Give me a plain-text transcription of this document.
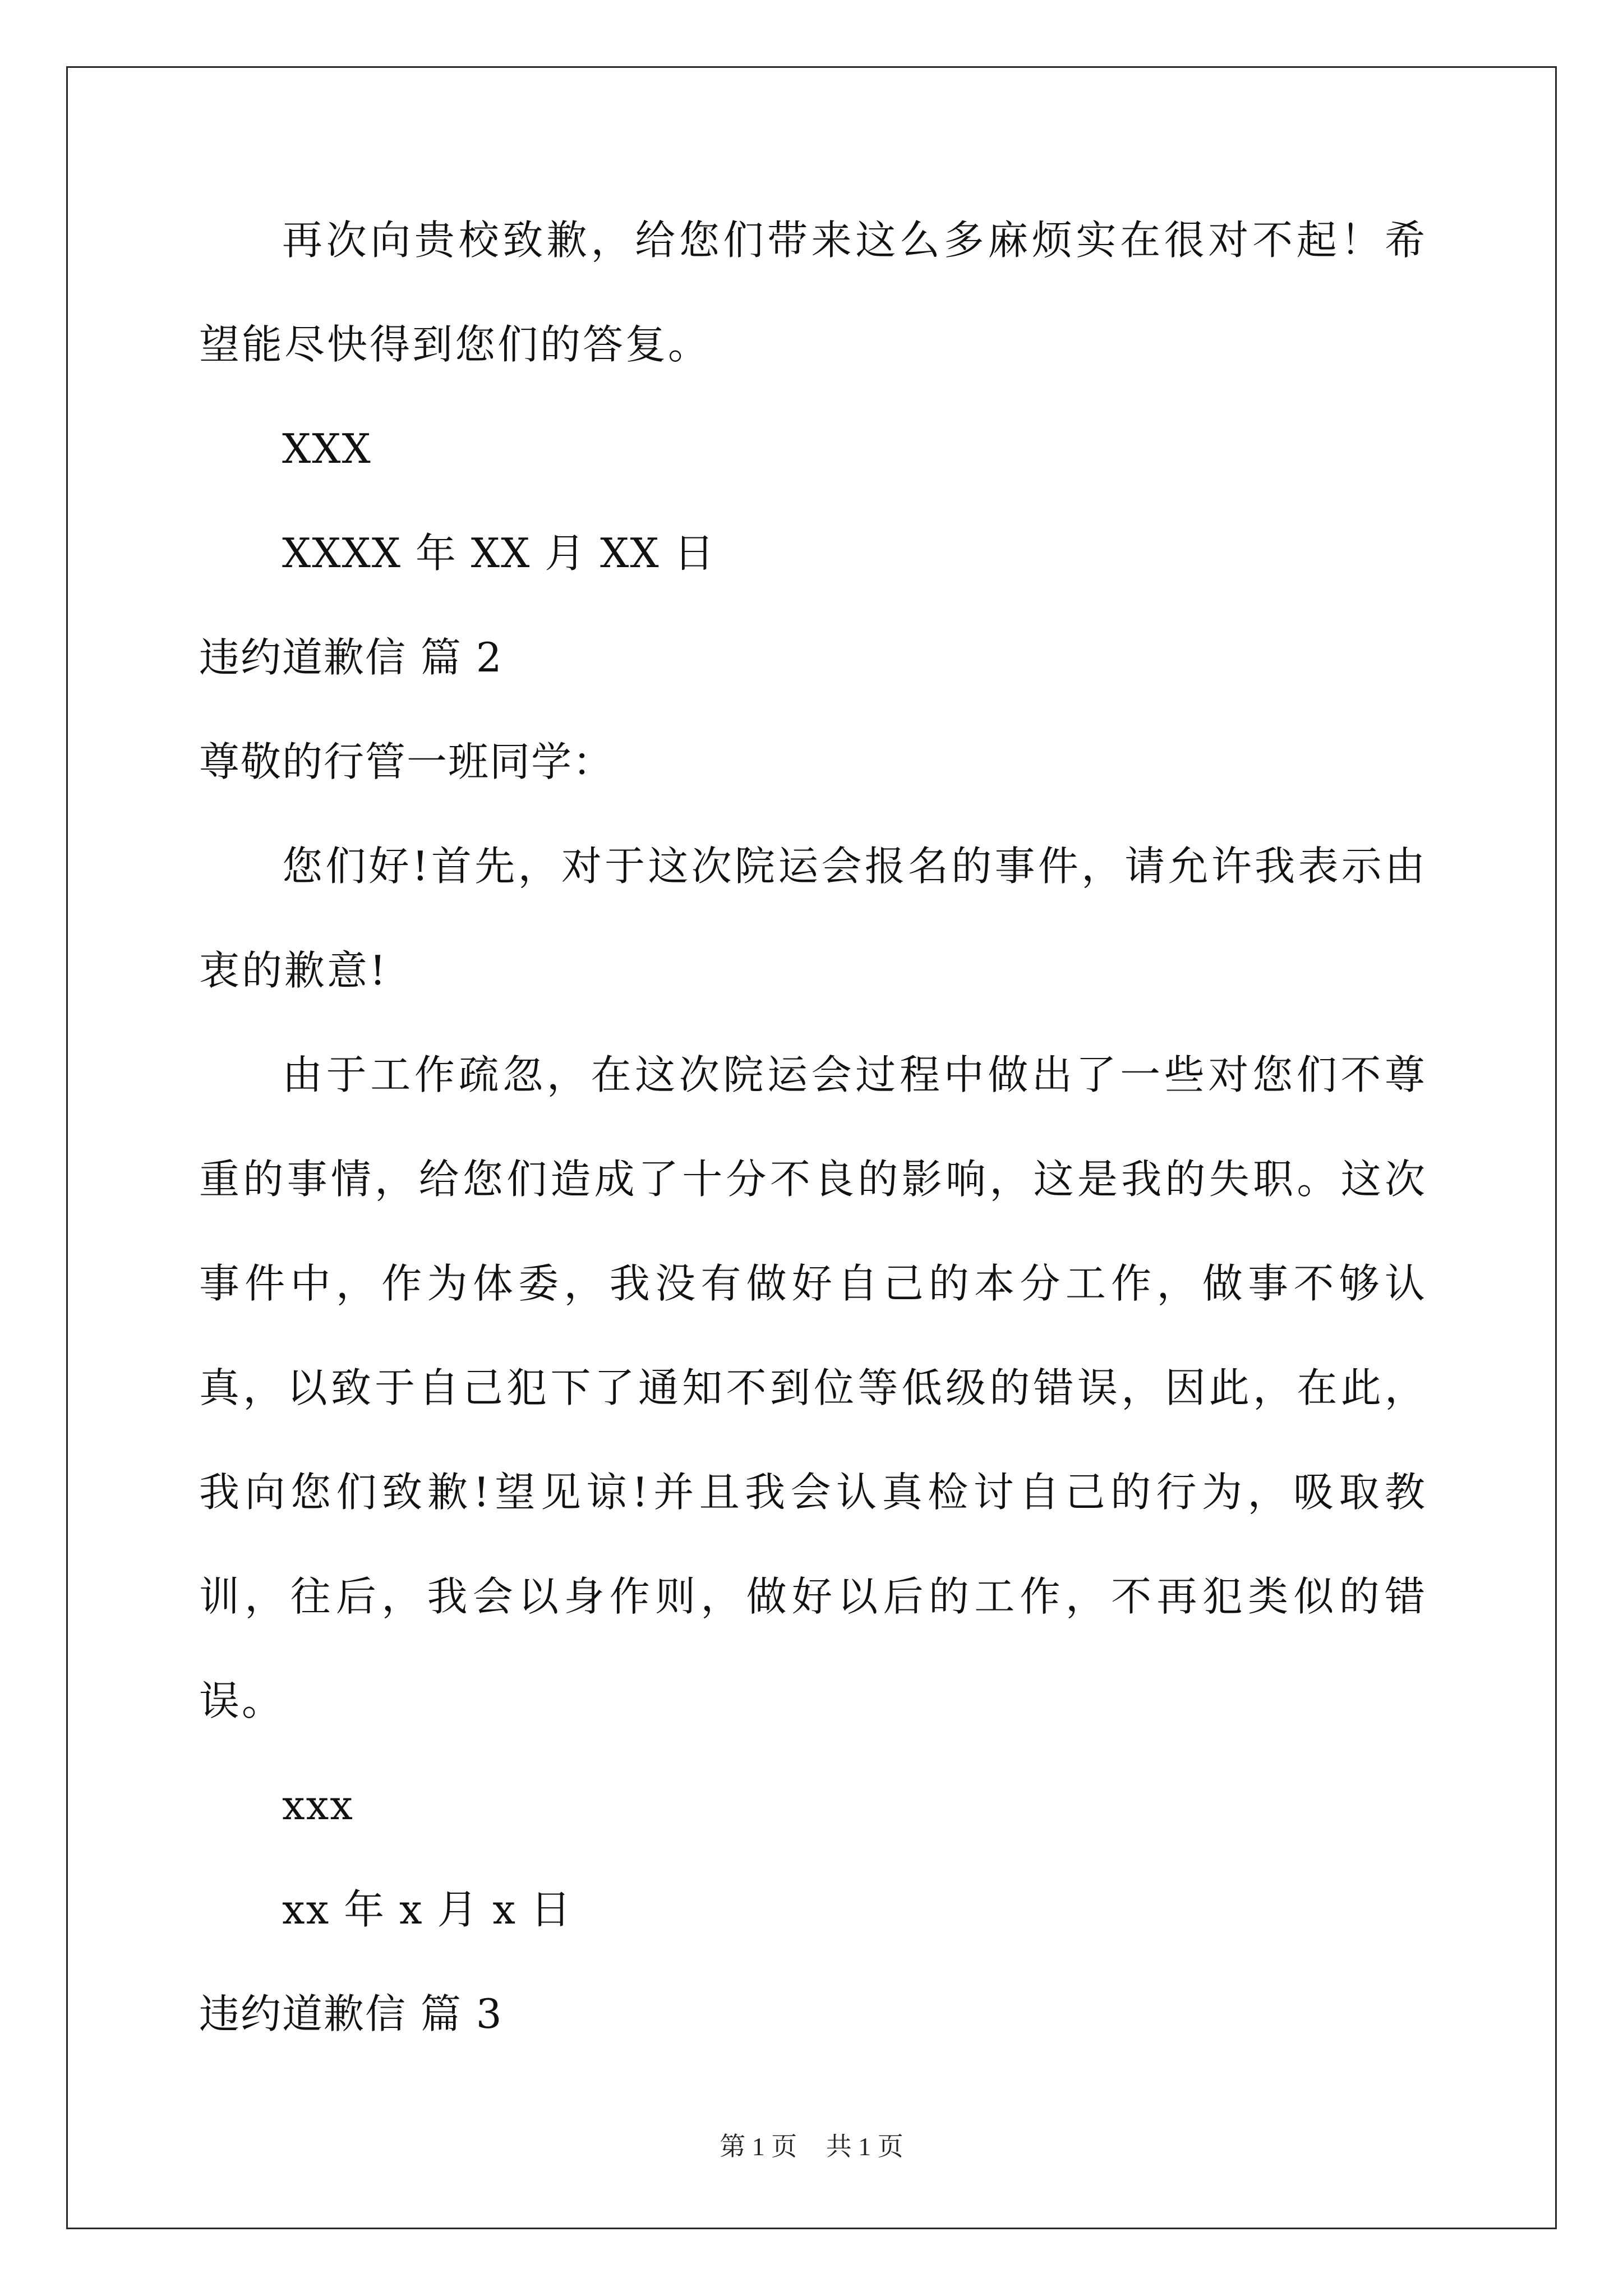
再次向贵校致歉，给您们带来这么多麻烦实在很对不起！希望能尽快得到您们的答复。
XXX
XXXX 年 XX 月 XX 日
违约道歉信 篇 2
尊敬的行管一班同学：
您们好!首先，对于这次院运会报名的事件，请允许我表示由衷的歉意!
由于工作疏忽，在这次院运会过程中做出了一些对您们不尊重的事情，给您们造成了十分不良的影响，这是我的失职。这次事件中，作为体委，我没有做好自己的本分工作，做事不够认真，以致于自己犯下了通知不到位等低级的错误，因此，在此，我向您们致歉!望见谅!并且我会认真检讨自己的行为，吸取教训，往后，我会以身作则，做好以后的工作，不再犯类似的错误。
xxx
xx 年 x 月 x 日
违约道歉信 篇 3
第 1 页 共 1 页
